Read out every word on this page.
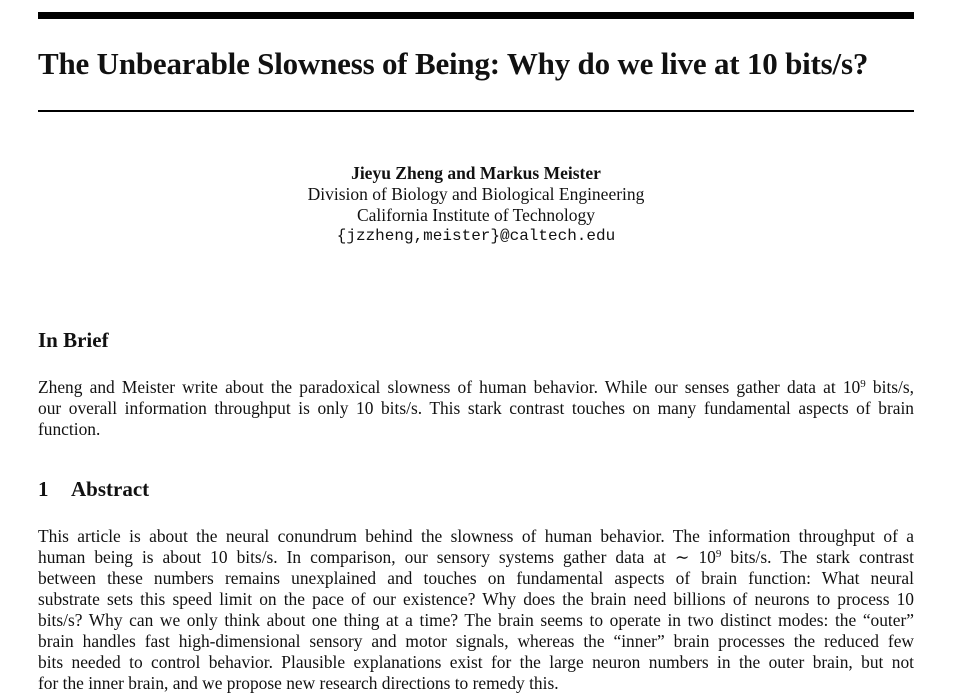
The Unbearable Slowness of Being: Why do we live at 10 bits/s?
Jieyu Zheng and Markus Meister
Division of Biology and Biological Engineering
California Institute of Technology
{jzzheng,meister}@caltech.edu
In Brief
Zheng and Meister write about the paradoxical slowness of human behavior. While our senses gather data at $10^9$ bits/s,
our overall information throughput is only 10 bits/s. This stark contrast touches on many fundamental aspects of brain
function.
1 Abstract
This article is about the neural conundrum behind the slowness of human behavior. The information throughput of a
human being is about 10 bits/s. In comparison, our sensory systems gather data at ∼ $10^9$ bits/s. The stark contrast
between these numbers remains unexplained and touches on fundamental aspects of brain function: What neural
substrate sets this speed limit on the pace of our existence? Why does the brain need billions of neurons to process 10
bits/s? Why can we only think about one thing at a time? The brain seems to operate in two distinct modes: the “outer”
brain handles fast high-dimensional sensory and motor signals, whereas the “inner” brain processes the reduced few
bits needed to control behavior. Plausible explanations exist for the large neuron numbers in the outer brain, but not
for the inner brain, and we propose new research directions to remedy this.
